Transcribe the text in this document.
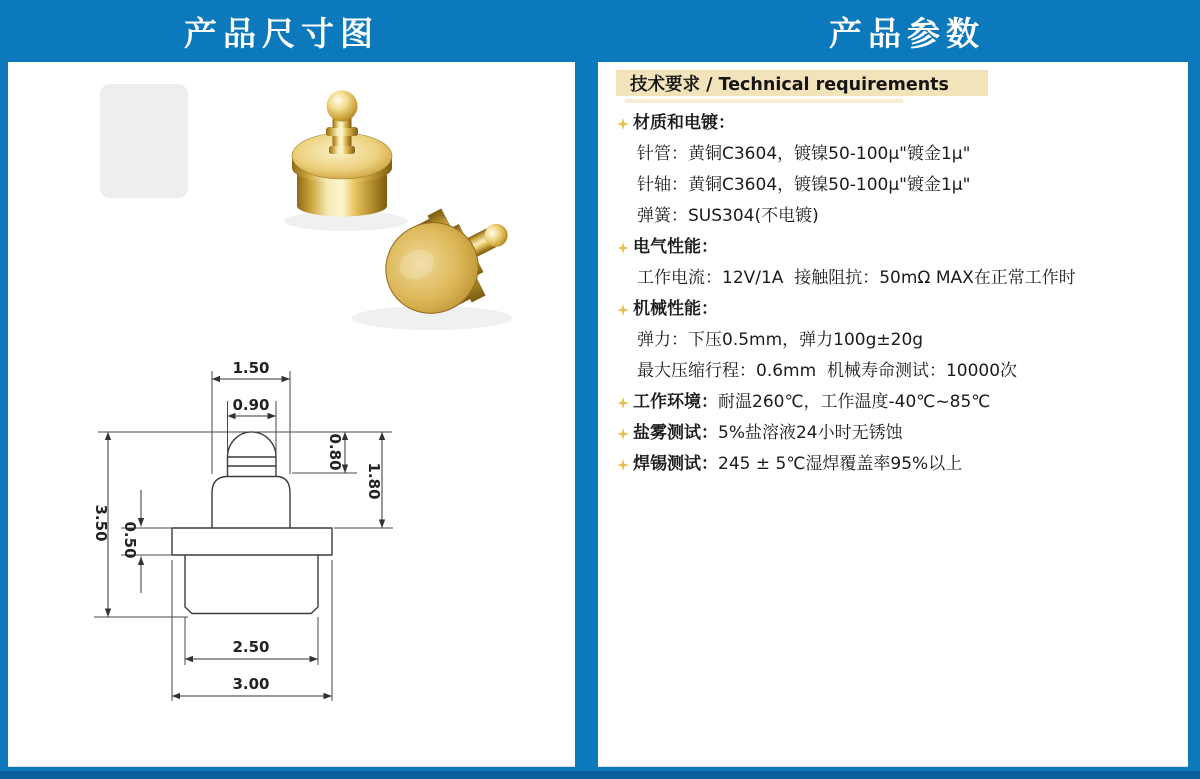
产品尺寸图	产品参数
1.50
0.90
0.80
1.80
3.50 0.50
2.50
3.00
技术要求 / Technical requirements
材质和电镀：
针管：黄铜C3604，镀镍50-100μ"镀金1μ"
针轴：黄铜C3604，镀镍50-100μ"镀金1μ"
弹簧：SUS304(不电镀)
电气性能：
工作电流：12V/1A  接触阻抗：50mΩ MAX在正常工作时
机械性能：
弹力：下压0.5mm，弹力100g±20g
最大压缩行程：0.6mm  机械寿命测试：10000次
工作环境：耐温260℃，工作温度-40℃~85℃
盐雾测试：5%盐溶液24小时无锈蚀
焊锡测试：245 ± 5℃湿焊覆盖率95%以上
